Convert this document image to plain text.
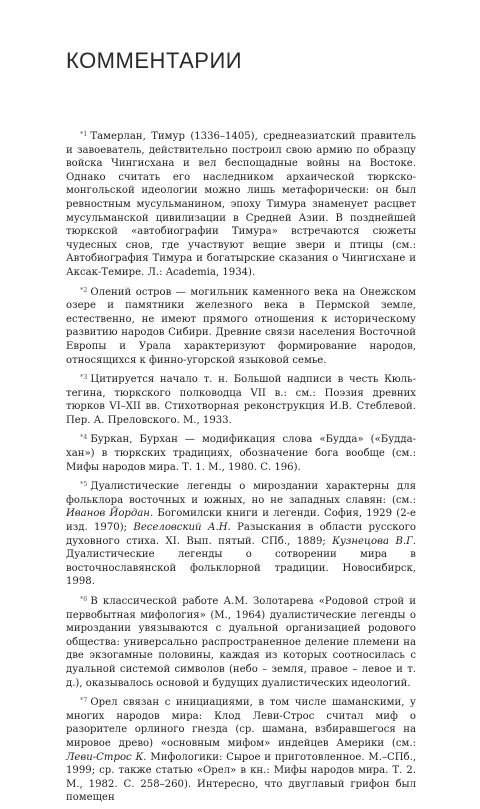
КОММЕНТАРИИ

$^{*1}$ Тамерлан, Тимур (1336–1405), среднеазиатский правитель и завоеватель, действительно построил свою армию по образцу войска Чингисхана и вел беспощадные войны на Востоке. Однако считать его наследником архаической тюркско-монгольской идеологии можно лишь метафорически: он был ревностным мусульманином, эпоху Тимура знаменует расцвет мусульманской цивилизации в Средней Азии. В позднейшей тюркской «автобиографии Тимура» встречаются сюжеты чудесных снов, где участвуют вещие звери и птицы (см.: Автобиография Тимура и богатырские сказания о Чингисхане и Аксак-Темире. Л.: Academia, 1934).

$^{*2}$ Олений остров — могильник каменного века на Онежском озере и памятники железного века в Пермской земле, естественно, не имеют прямого отношения к историческому развитию народов Сибири. Древние связи населения Восточной Европы и Урала характеризуют формирование народов, относящихся к финно-угорской языковой семье.

$^{*3}$ Цитируется начало т. н. Большой надписи в честь Кюль-тегина, тюркского полководца VII в.: см.: Поэзия древних тюрков VI–XII вв. Стихотворная реконструкция И.В. Стеблевой. Пер. А. Преловского. М., 1933.

$^{*4}$ Буркан, Бурхан — модификация слова «Будда» («Будда-хан») в тюркских традициях, обозначение бога вообще (см.: Мифы народов мира. Т. 1. М., 1980. С. 196).

$^{*5}$ Дуалистические легенды о мироздании характерны для фольклора восточных и южных, но не западных славян: (см.: Иванов Йордан. Богомилски книги и легенди. София, 1929 (2-е изд. 1970); Веселовский А.Н. Разыскания в области русского духовного стиха. XI. Вып. пятый. СПб., 1889; Кузнецова В.Г. Дуалистические легенды о сотворении мира в восточнославянской фольклорной традиции. Новосибирск, 1998.

$^{*6}$ В классической работе А.М. Золотарева «Родовой строй и первобытная мифология» (М., 1964) дуалистические легенды о мироздании увязываются с дуальной организацией родового общества: универсально распространенное деление племени на две экзогамные половины, каждая из которых соотносилась с дуальной системой символов (небо – земля, правое – левое и т. д.), оказывалось основой и будущих дуалистических идеологий.

$^{*7}$ Орел связан с инициациями, в том числе шаманскими, у многих народов мира: Клод Леви-Строс считал миф о разорителе орлиного гнезда (ср. шамана, взбиравшегося на мировое древо) «основным мифом» индейцев Америки (см.: Леви-Строс К. Мифологики: Сырое и приготовленное. М.–СПб., 1999; ср. также статью «Орел» в кн.: Мифы народов мира. Т. 2. М., 1982. С. 258–260). Интересно, что двуглавый грифон был помещен
